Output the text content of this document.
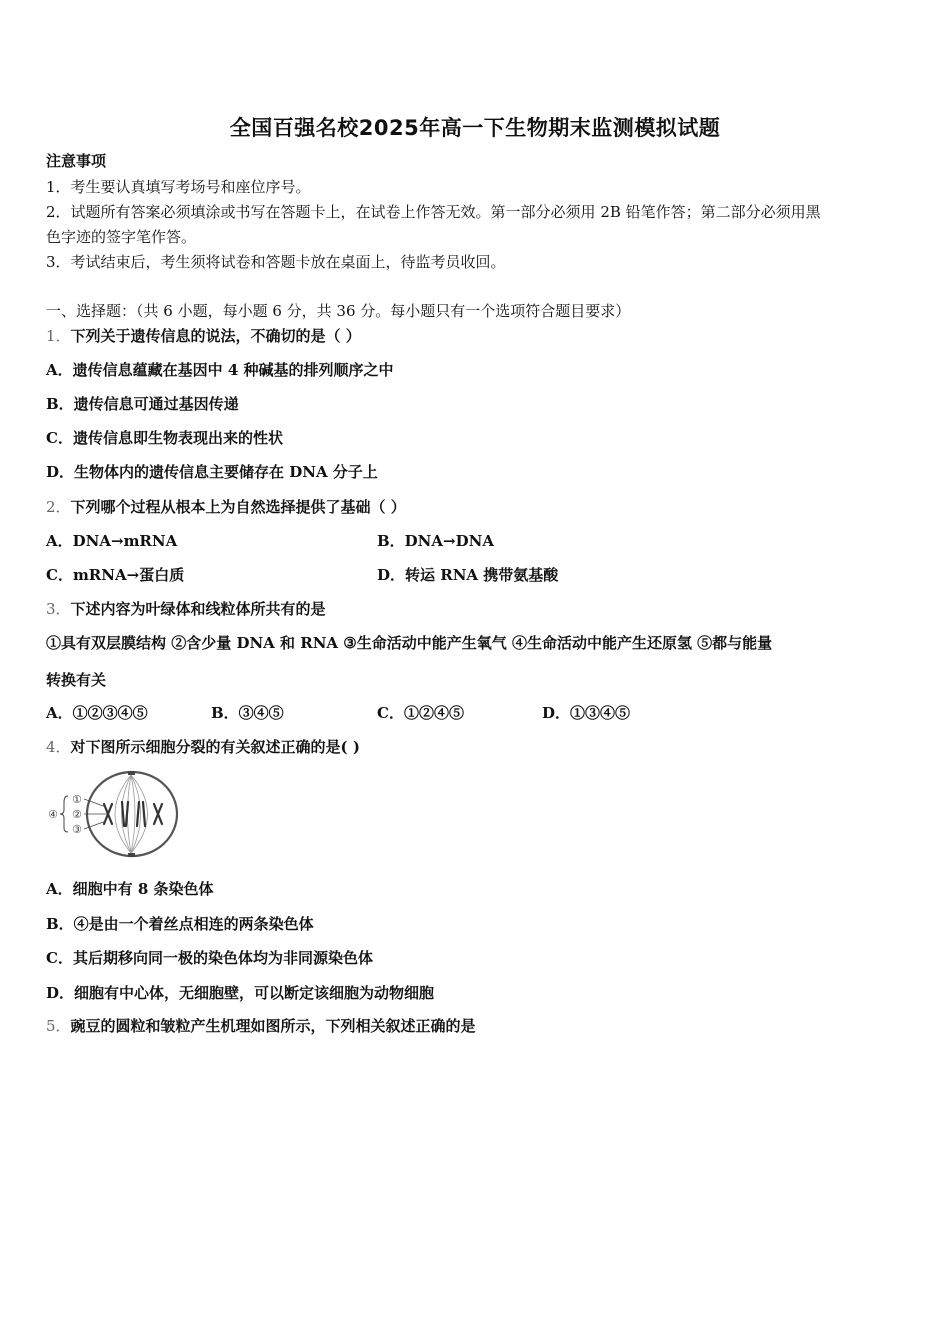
全国百强名校2025年高一下生物期末监测模拟试题
注意事项
1．考生要认真填写考场号和座位序号。
2．试题所有答案必须填涂或书写在答题卡上，在试卷上作答无效。第一部分必须用 2B 铅笔作答；第二部分必须用黑
色字迹的签字笔作答。
3．考试结束后，考生须将试卷和答题卡放在桌面上，待监考员收回。
一、选择题：（共 6 小题，每小题 6 分，共 36 分。每小题只有一个选项符合题目要求）
1．下列关于遗传信息的说法，不确切的是（ ）
A．遗传信息蕴藏在基因中 4 种碱基的排列顺序之中
B．遗传信息可通过基因传递
C．遗传信息即生物表现出来的性状
D．生物体内的遗传信息主要储存在 DNA 分子上
2．下列哪个过程从根本上为自然选择提供了基础（ ）
A．DNA→mRNA	B．DNA→DNA
C．mRNA→蛋白质	D．转运 RNA 携带氨基酸
3．下述内容为叶绿体和线粒体所共有的是
①具有双层膜结构 ②含少量 DNA 和 RNA ③生命活动中能产生氧气 ④生命活动中能产生还原氢 ⑤都与能量
转换有关
A．①②③④⑤	B．③④⑤	C．①②④⑤	D．①③④⑤
4．对下图所示细胞分裂的有关叙述正确的是( )
①
②
③
④
A．细胞中有 8 条染色体
B．④是由一个着丝点相连的两条染色体
C．其后期移向同一极的染色体均为非同源染色体
D．细胞有中心体，无细胞壁，可以断定该细胞为动物细胞
5．豌豆的圆粒和皱粒产生机理如图所示，下列相关叙述正确的是
